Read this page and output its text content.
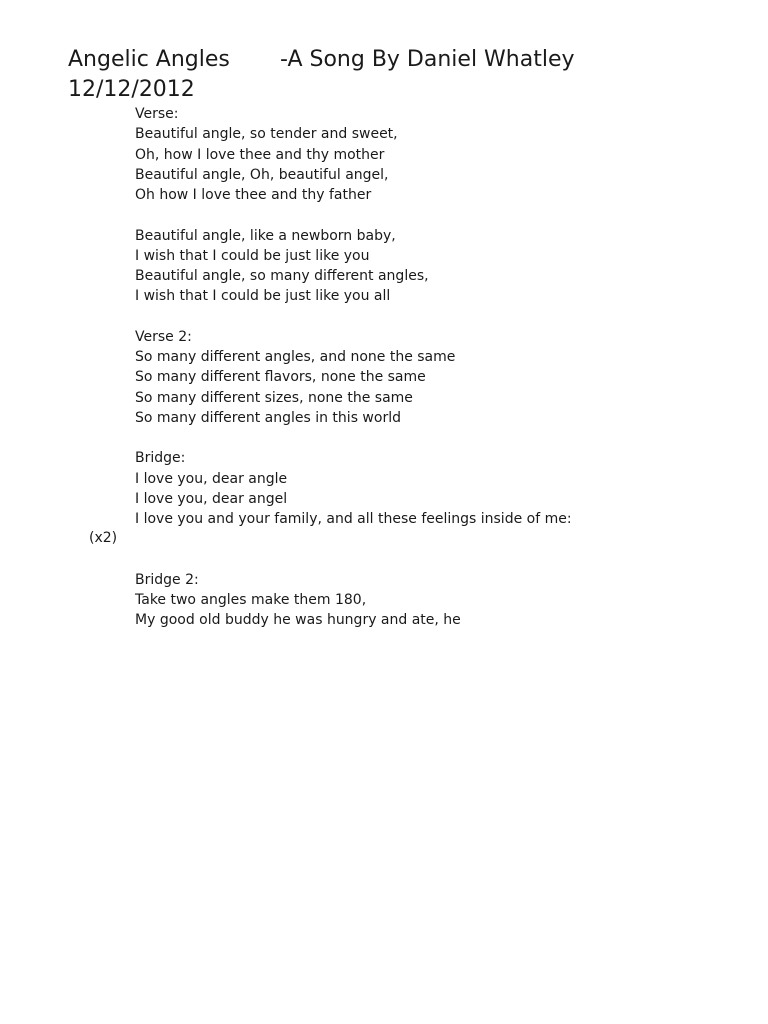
Angelic Angles -A Song By Daniel Whatley
12/12/2012
Verse:
Beautiful angle, so tender and sweet,
Oh, how I love thee and thy mother
Beautiful angle, Oh, beautiful angel,
Oh how I love thee and thy father
Beautiful angle, like a newborn baby,
I wish that I could be just like you
Beautiful angle, so many different angles,
I wish that I could be just like you all
Verse 2:
So many different angles, and none the same
So many different flavors, none the same
So many different sizes, none the same
So many different angles in this world
Bridge:
I love you, dear angle
I love you, dear angel
I love you and your family, and all these feelings inside of me:
Bridge 2:
Take two angles make them 180,
My good old buddy he was hungry and ate, he
(x2)
